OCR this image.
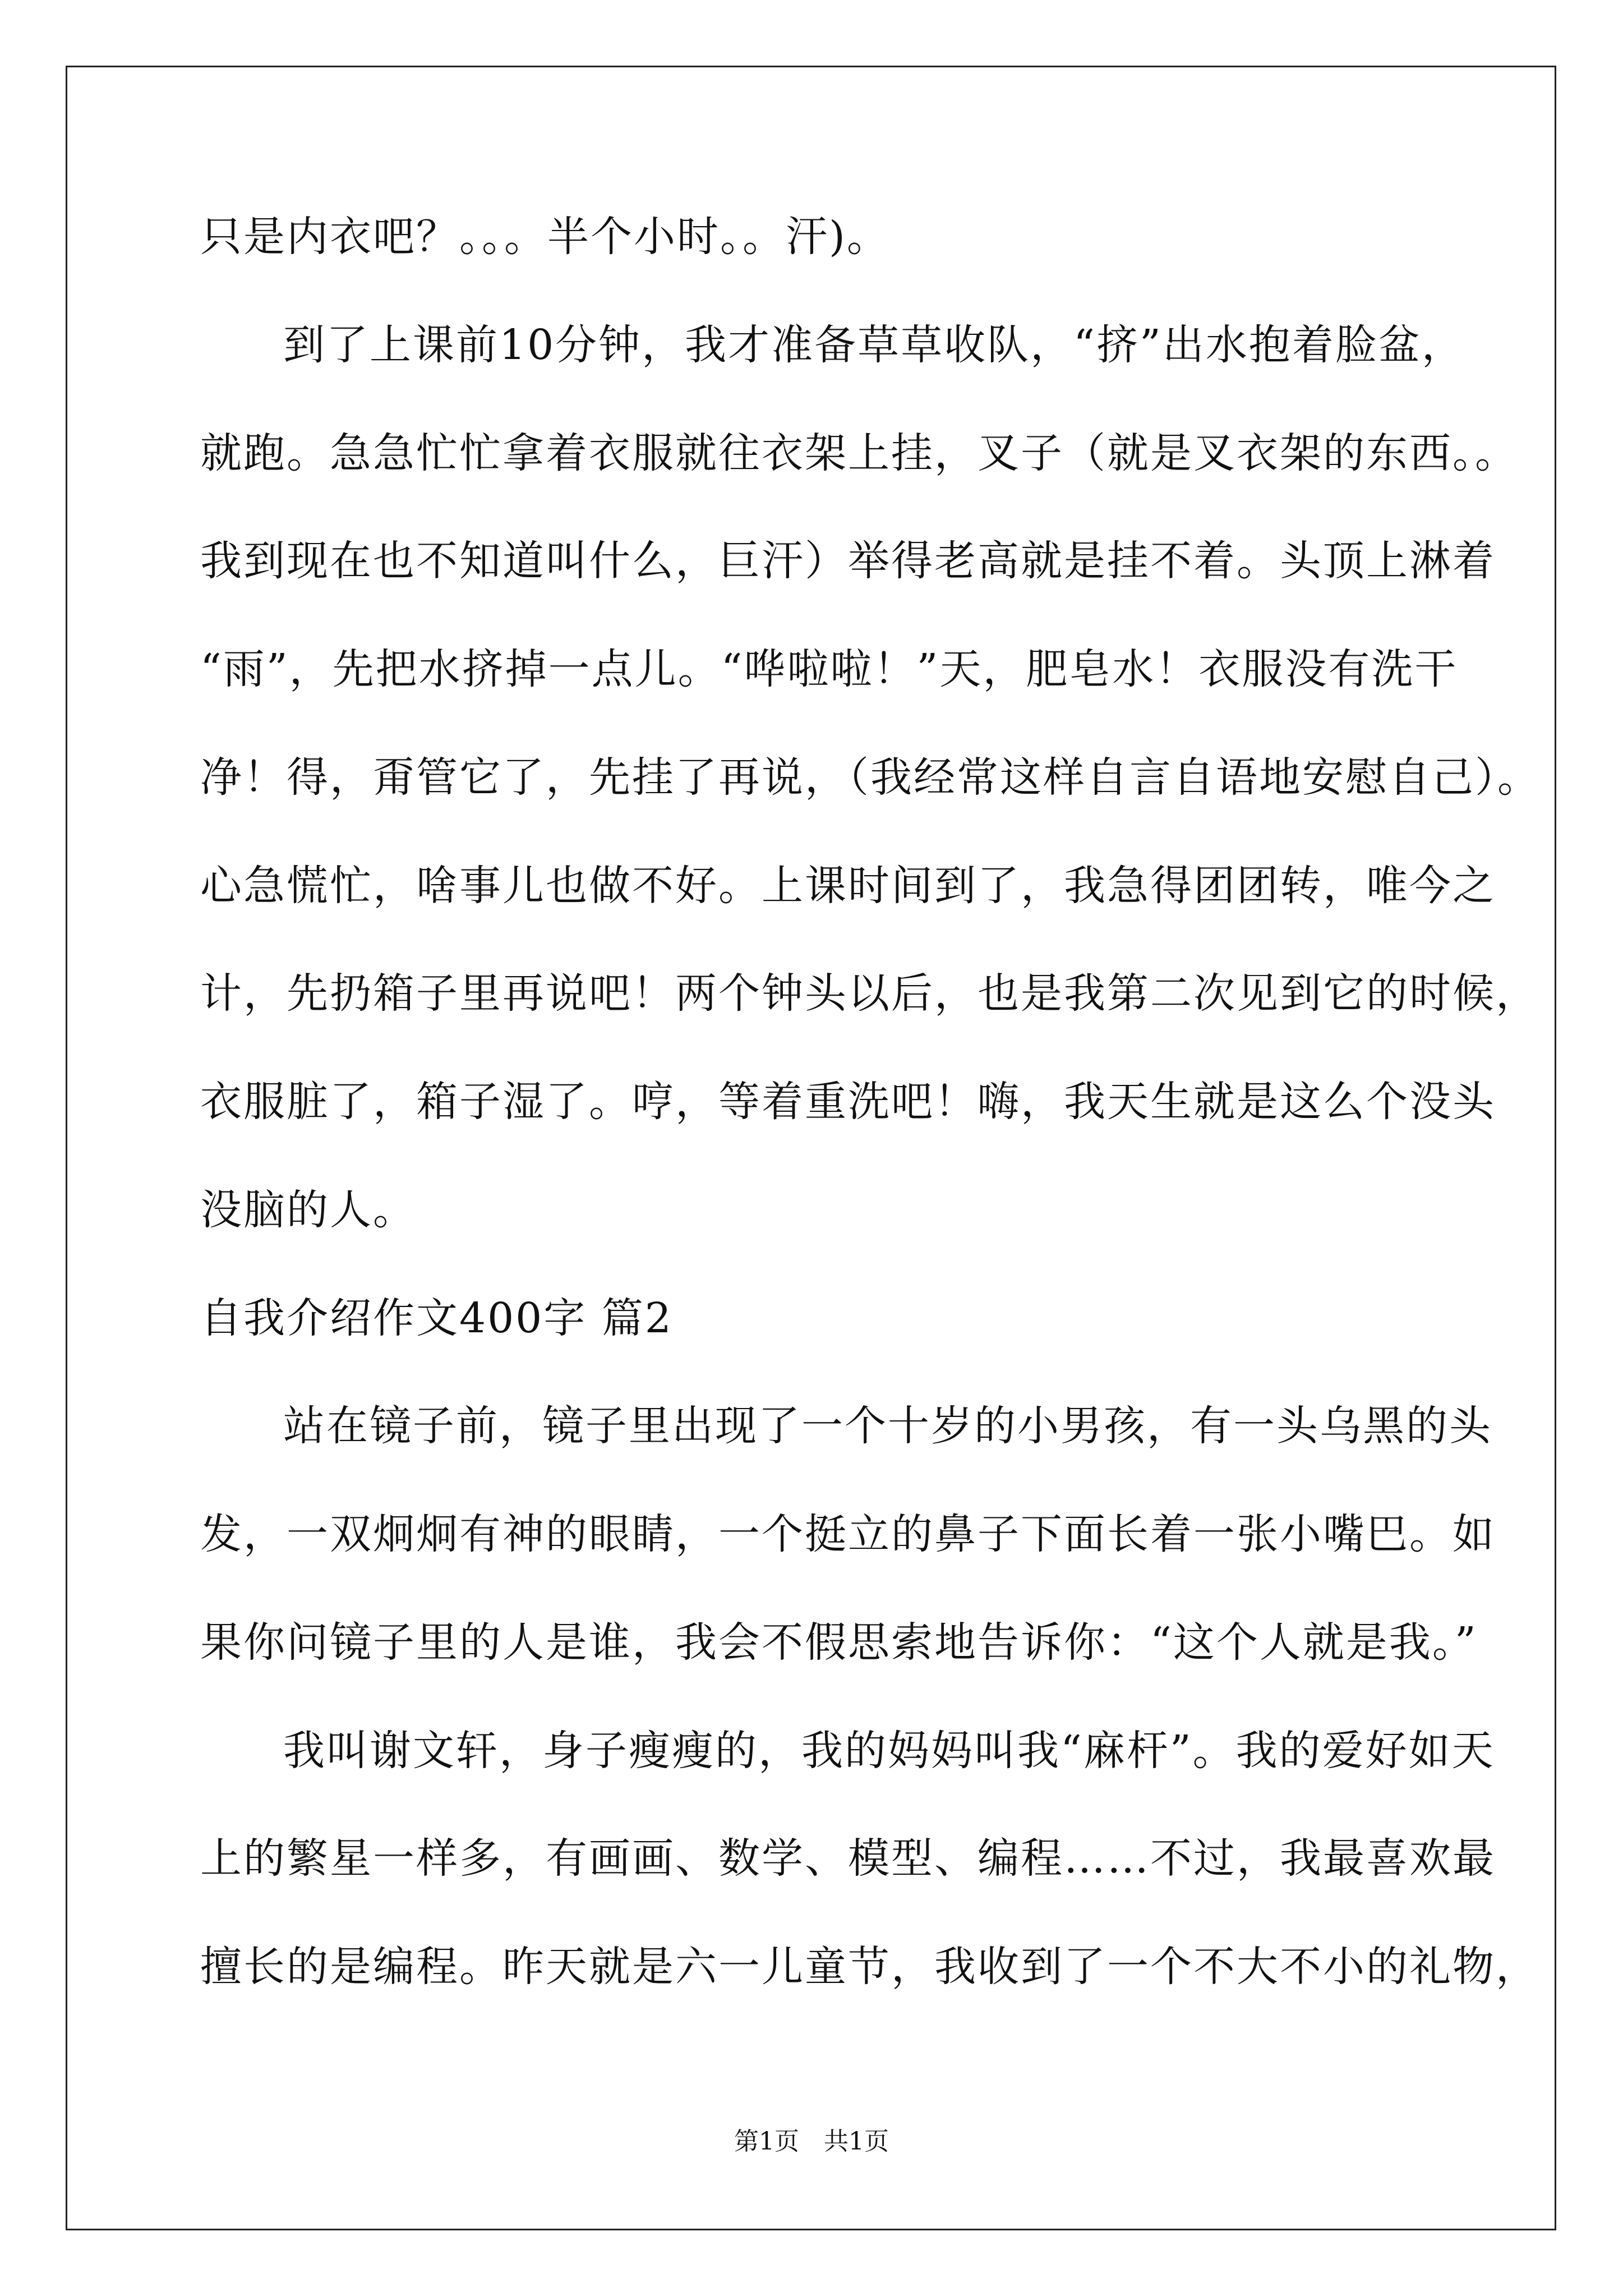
只是内衣吧？。。。半个小时。。汗)。
到了上课前10分钟，我才准备草草收队，“挤”出水抱着脸盆，
就跑。急急忙忙拿着衣服就往衣架上挂，叉子（就是叉衣架的东西。。
我到现在也不知道叫什么，巨汗）举得老高就是挂不着。头顶上淋着
“雨”，先把水挤掉一点儿。“哗啦啦！”天，肥皂水！衣服没有洗干
净！得，甭管它了，先挂了再说，（我经常这样自言自语地安慰自己）。
心急慌忙，啥事儿也做不好。上课时间到了，我急得团团转，唯今之
计，先扔箱子里再说吧！两个钟头以后，也是我第二次见到它的时候，
衣服脏了，箱子湿了。哼，等着重洗吧！嗨，我天生就是这么个没头
没脑的人。
自我介绍作文400字 篇2
站在镜子前，镜子里出现了一个十岁的小男孩，有一头乌黑的头
发，一双炯炯有神的眼睛，一个挺立的鼻子下面长着一张小嘴巴。如
果你问镜子里的人是谁，我会不假思索地告诉你：“这个人就是我。”
我叫谢文轩，身子瘦瘦的，我的妈妈叫我“麻杆”。我的爱好如天
上的繁星一样多，有画画、数学、模型、编程……不过，我最喜欢最
擅长的是编程。昨天就是六一儿童节，我收到了一个不大不小的礼物，
第1页　共1页
